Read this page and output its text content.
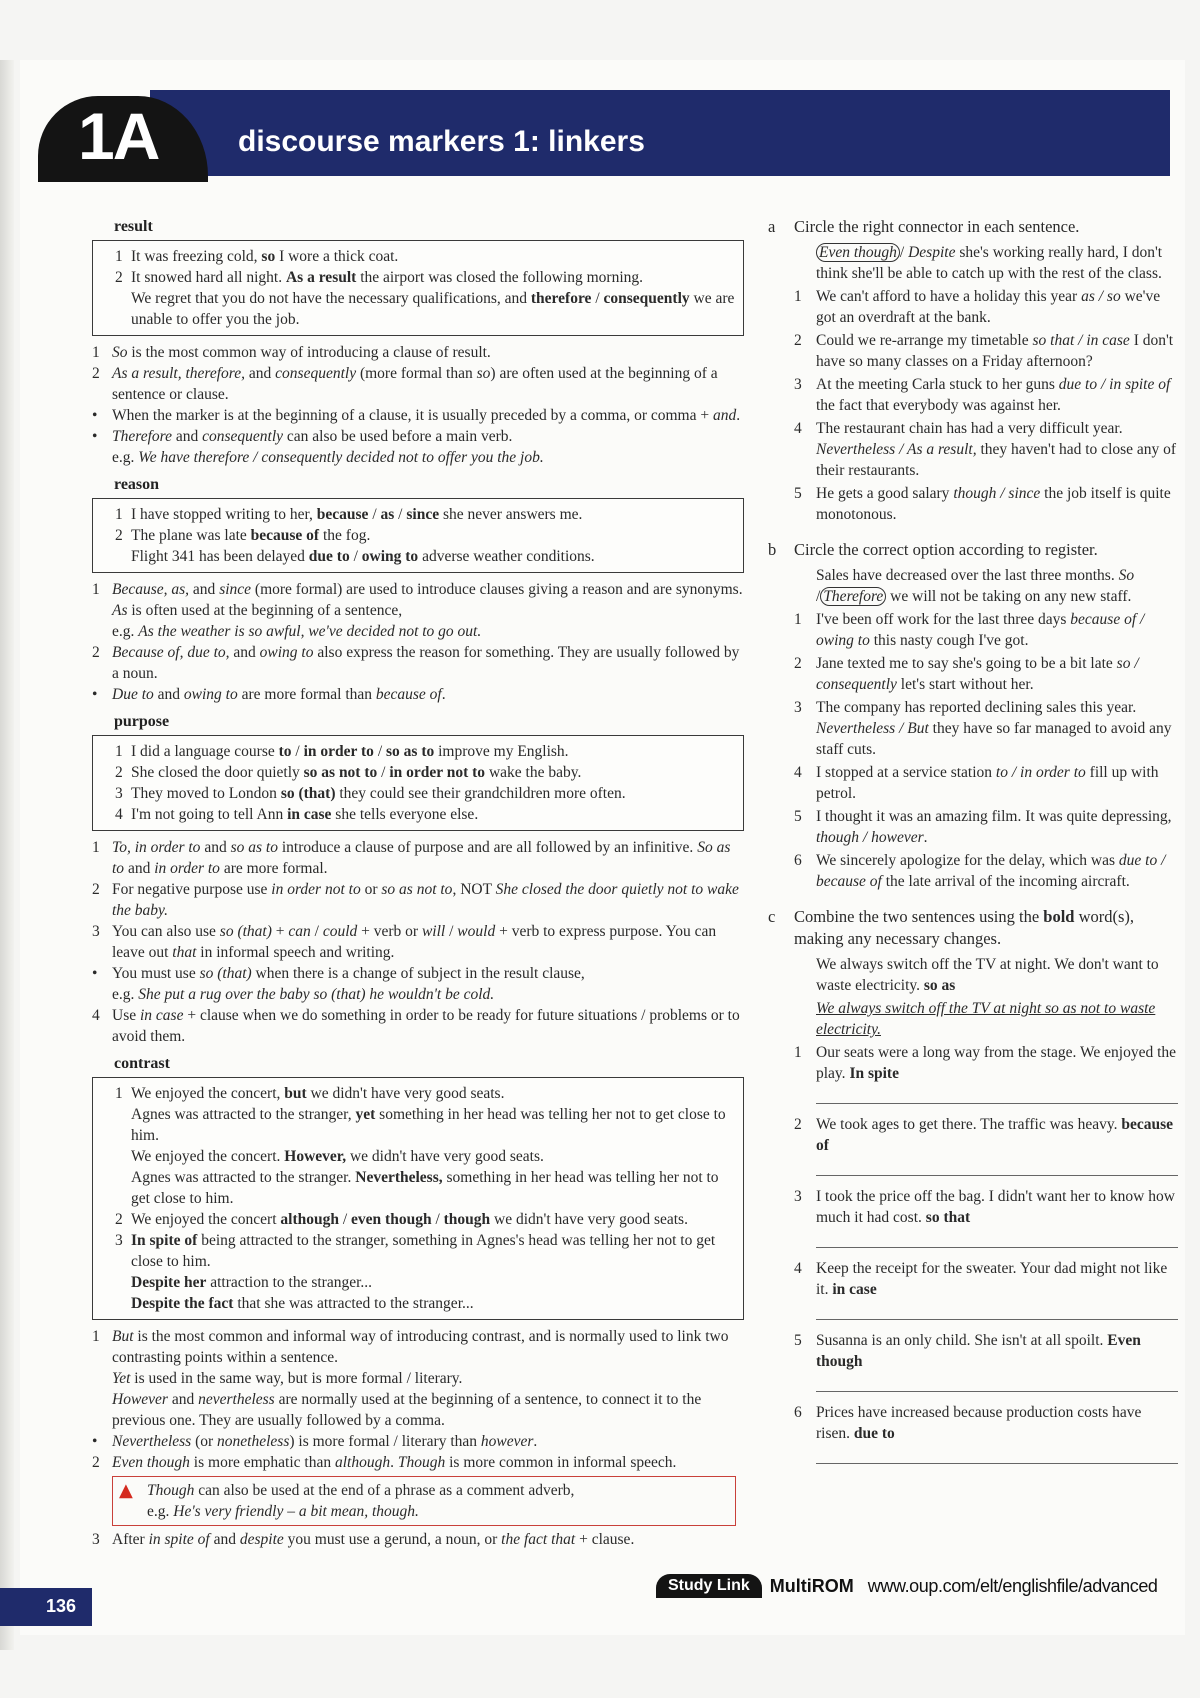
1A	discourse markers 1: linkers
result
1 It was freezing cold, so I wore a thick coat.
2 It snowed hard all night. As a result the airport was closed the following morning.
We regret that you do not have the necessary qualifications, and therefore / consequently we are unable to offer you the job.
1 So is the most common way of introducing a clause of result.
2 As a result, therefore, and consequently (more formal than so) are often used at the beginning of a sentence or clause.
• When the marker is at the beginning of a clause, it is usually preceded by a comma, or comma + and.
• Therefore and consequently can also be used before a main verb.
e.g. We have therefore / consequently decided not to offer you the job.
reason
1 I have stopped writing to her, because / as / since she never answers me.
2 The plane was late because of the fog.
Flight 341 has been delayed due to / owing to adverse weather conditions.
1 Because, as, and since (more formal) are used to introduce clauses giving a reason and are synonyms. As is often used at the beginning of a sentence,
e.g. As the weather is so awful, we've decided not to go out.
2 Because of, due to, and owing to also express the reason for something. They are usually followed by a noun.
• Due to and owing to are more formal than because of.
purpose
1 I did a language course to / in order to / so as to improve my English.
2 She closed the door quietly so as not to / in order not to wake the baby.
3 They moved to London so (that) they could see their grandchildren more often.
4 I'm not going to tell Ann in case she tells everyone else.
1 To, in order to and so as to introduce a clause of purpose and are all followed by an infinitive. So as to and in order to are more formal.
2 For negative purpose use in order not to or so as not to, NOT She closed the door quietly not to wake the baby.
3 You can also use so (that) + can / could + verb or will / would + verb to express purpose. You can leave out that in informal speech and writing.
• You must use so (that) when there is a change of subject in the result clause,
e.g. She put a rug over the baby so (that) he wouldn't be cold.
4 Use in case + clause when we do something in order to be ready for future situations / problems or to avoid them.
contrast
1 We enjoyed the concert, but we didn't have very good seats.
Agnes was attracted to the stranger, yet something in her head was telling her not to get close to him.
We enjoyed the concert. However, we didn't have very good seats.
Agnes was attracted to the stranger. Nevertheless, something in her head was telling her not to get close to him.
2 We enjoyed the concert although / even though / though we didn't have very good seats.
3 In spite of being attracted to the stranger, something in Agnes's head was telling her not to get close to him.
Despite her attraction to the stranger...
Despite the fact that she was attracted to the stranger...
1 But is the most common and informal way of introducing contrast, and is normally used to link two contrasting points within a sentence.
Yet is used in the same way, but is more formal / literary.
However and nevertheless are normally used at the beginning of a sentence, to connect it to the previous one. They are usually followed by a comma.
• Nevertheless (or nonetheless) is more formal / literary than however.
2 Even though is more emphatic than although. Though is more common in informal speech.
▲ Though can also be used at the end of a phrase as a comment adverb,
e.g. He's very friendly – a bit mean, though.
3 After in spite of and despite you must use a gerund, a noun, or the fact that + clause.
a	Circle the right connector in each sentence.
Even though / Despite she's working really hard, I don't think she'll be able to catch up with the rest of the class.
1 We can't afford to have a holiday this year as / so we've got an overdraft at the bank.
2 Could we re-arrange my timetable so that / in case I don't have so many classes on a Friday afternoon?
3 At the meeting Carla stuck to her guns due to / in spite of the fact that everybody was against her.
4 The restaurant chain has had a very difficult year. Nevertheless / As a result, they haven't had to close any of their restaurants.
5 He gets a good salary though / since the job itself is quite monotonous.
b	Circle the correct option according to register.
Sales have decreased over the last three months. So / Therefore we will not be taking on any new staff.
1 I've been off work for the last three days because of / owing to this nasty cough I've got.
2 Jane texted me to say she's going to be a bit late so / consequently let's start without her.
3 The company has reported declining sales this year. Nevertheless / But they have so far managed to avoid any staff cuts.
4 I stopped at a service station to / in order to fill up with petrol.
5 I thought it was an amazing film. It was quite depressing, though / however.
6 We sincerely apologize for the delay, which was due to / because of the late arrival of the incoming aircraft.
c	Combine the two sentences using the bold word(s), making any necessary changes.
We always switch off the TV at night. We don't want to waste electricity. so as
We always switch off the TV at night so as not to waste electricity.
1 Our seats were a long way from the stage. We enjoyed the play. In spite
2 We took ages to get there. The traffic was heavy. because of
3 I took the price off the bag. I didn't want her to know how much it had cost. so that
4 Keep the receipt for the sweater. Your dad might not like it. in case
5 Susanna is an only child. She isn't at all spoilt. Even though
6 Prices have increased because production costs have risen. due to
136
Study Link	MultiROM www.oup.com/elt/englishfile/advanced
